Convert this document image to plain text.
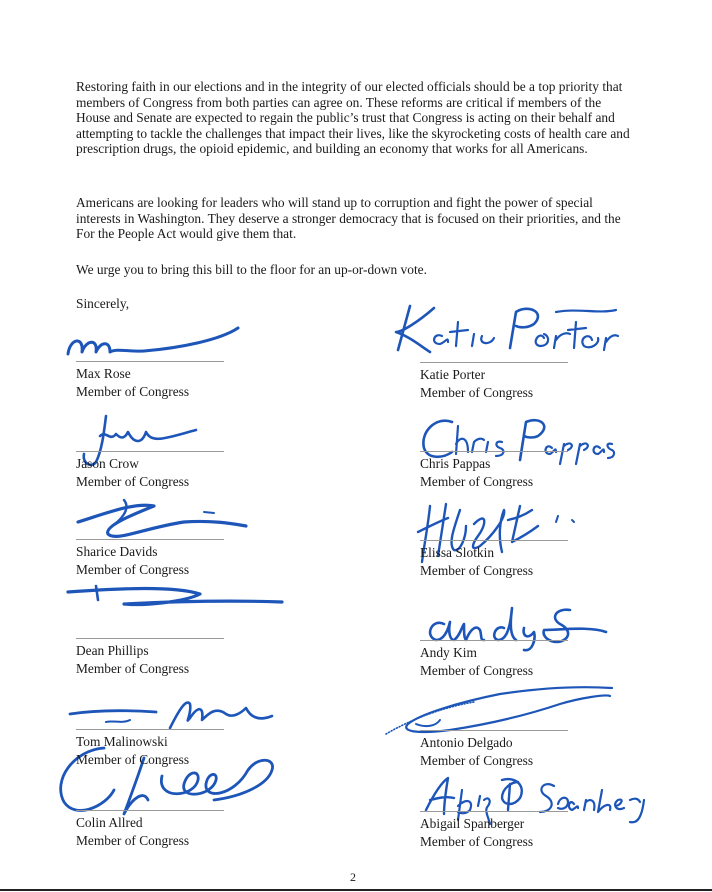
Restoring faith in our elections and in the integrity of our elected officials should be a top priority that members of Congress from both parties can agree on. These reforms are critical if members of the House and Senate are expected to regain the public’s trust that Congress is acting on their behalf and attempting to tackle the challenges that impact their lives, like the skyrocketing costs of health care and prescription drugs, the opioid epidemic, and building an economy that works for all Americans.

Americans are looking for leaders who will stand up to corruption and fight the power of special interests in Washington. They deserve a stronger democracy that is focused on their priorities, and the For the People Act would give them that.

We urge you to bring this bill to the floor for an up-or-down vote.

Sincerely,
Max Rose
Member of Congress
Jason Crow
Member of Congress
Sharice Davids
Member of Congress
Dean Phillips
Member of Congress
Tom Malinowski
Member of Congress
Colin Allred
Member of Congress
Katie Porter
Member of Congress
Chris Pappas
Member of Congress
Elissa Slotkin
Member of Congress
Andy Kim
Member of Congress
Antonio Delgado
Member of Congress
Abigail Spanberger
Member of Congress
2
